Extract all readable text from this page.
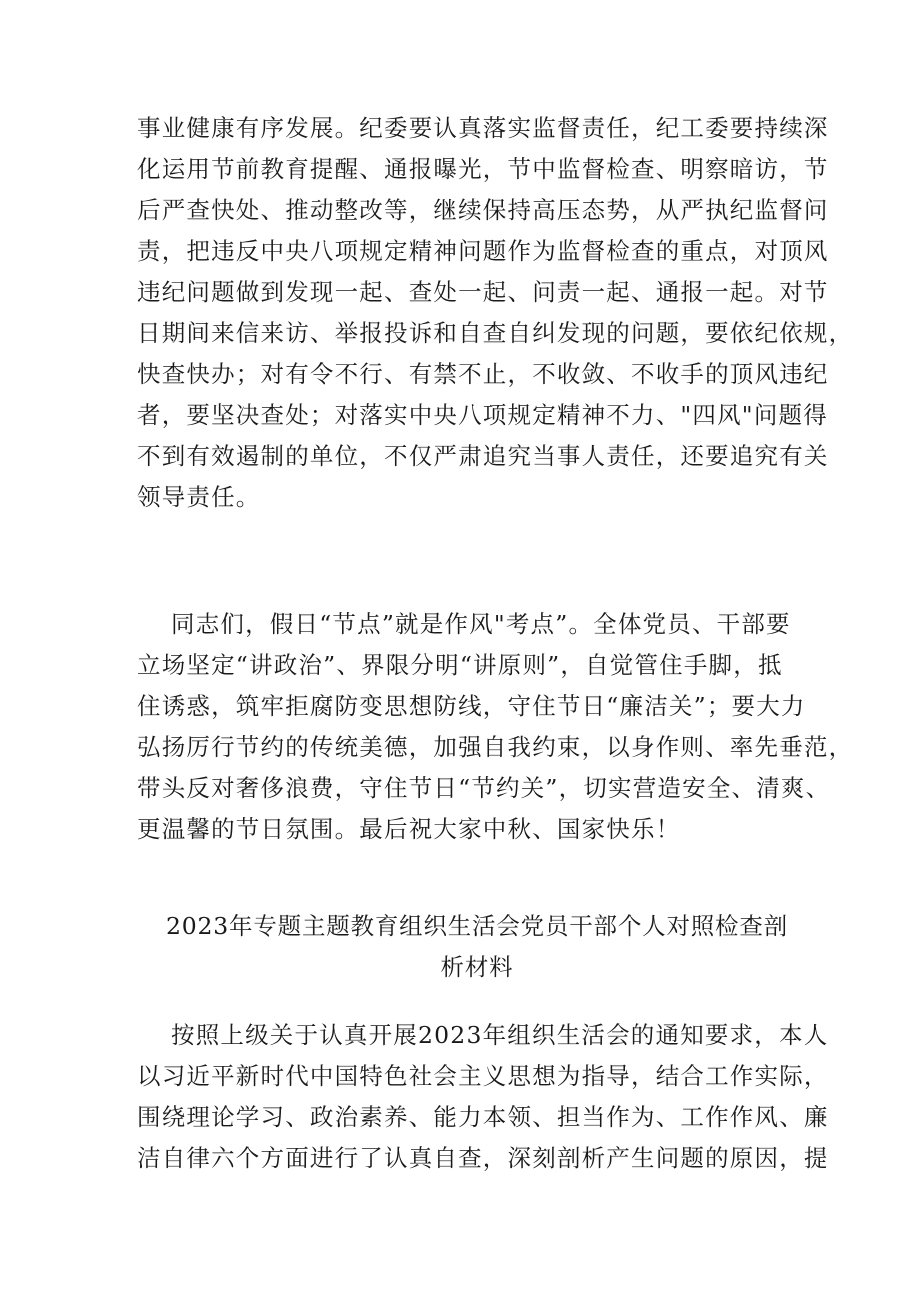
事业健康有序发展。纪委要认真落实监督责任，纪工委要持续深
化运用节前教育提醒、通报曝光，节中监督检查、明察暗访，节
后严查快处、推动整改等，继续保持高压态势，从严执纪监督问
责，把违反中央八项规定精神问题作为监督检查的重点，对顶风
违纪问题做到发现一起、查处一起、问责一起、通报一起。对节
日期间来信来访、举报投诉和自查自纠发现的问题，要依纪依规，
快查快办；对有令不行、有禁不止，不收敛、不收手的顶风违纪
者，要坚决查处；对落实中央八项规定精神不力、"四风"问题得
不到有效遏制的单位，不仅严肃追究当事人责任，还要追究有关
领导责任。
同志们，假日“节点”就是作风"考点”。全体党员、干部要
立场坚定“讲政治”、界限分明“讲原则”，自觉管住手脚，抵
住诱惑，筑牢拒腐防变思想防线，守住节日“廉洁关”；要大力
弘扬厉行节约的传统美德，加强自我约束，以身作则、率先垂范，
带头反对奢侈浪费，守住节日“节约关”，切实营造安全、清爽、
更温馨的节日氛围。最后祝大家中秋、国家快乐！
2023年专题主题教育组织生活会党员干部个人对照检查剖
析材料
按照上级关于认真开展2023年组织生活会的通知要求，本人
以习近平新时代中国特色社会主义思想为指导，结合工作实际，
围绕理论学习、政治素养、能力本领、担当作为、工作作风、廉
洁自律六个方面进行了认真自查，深刻剖析产生问题的原因，提
